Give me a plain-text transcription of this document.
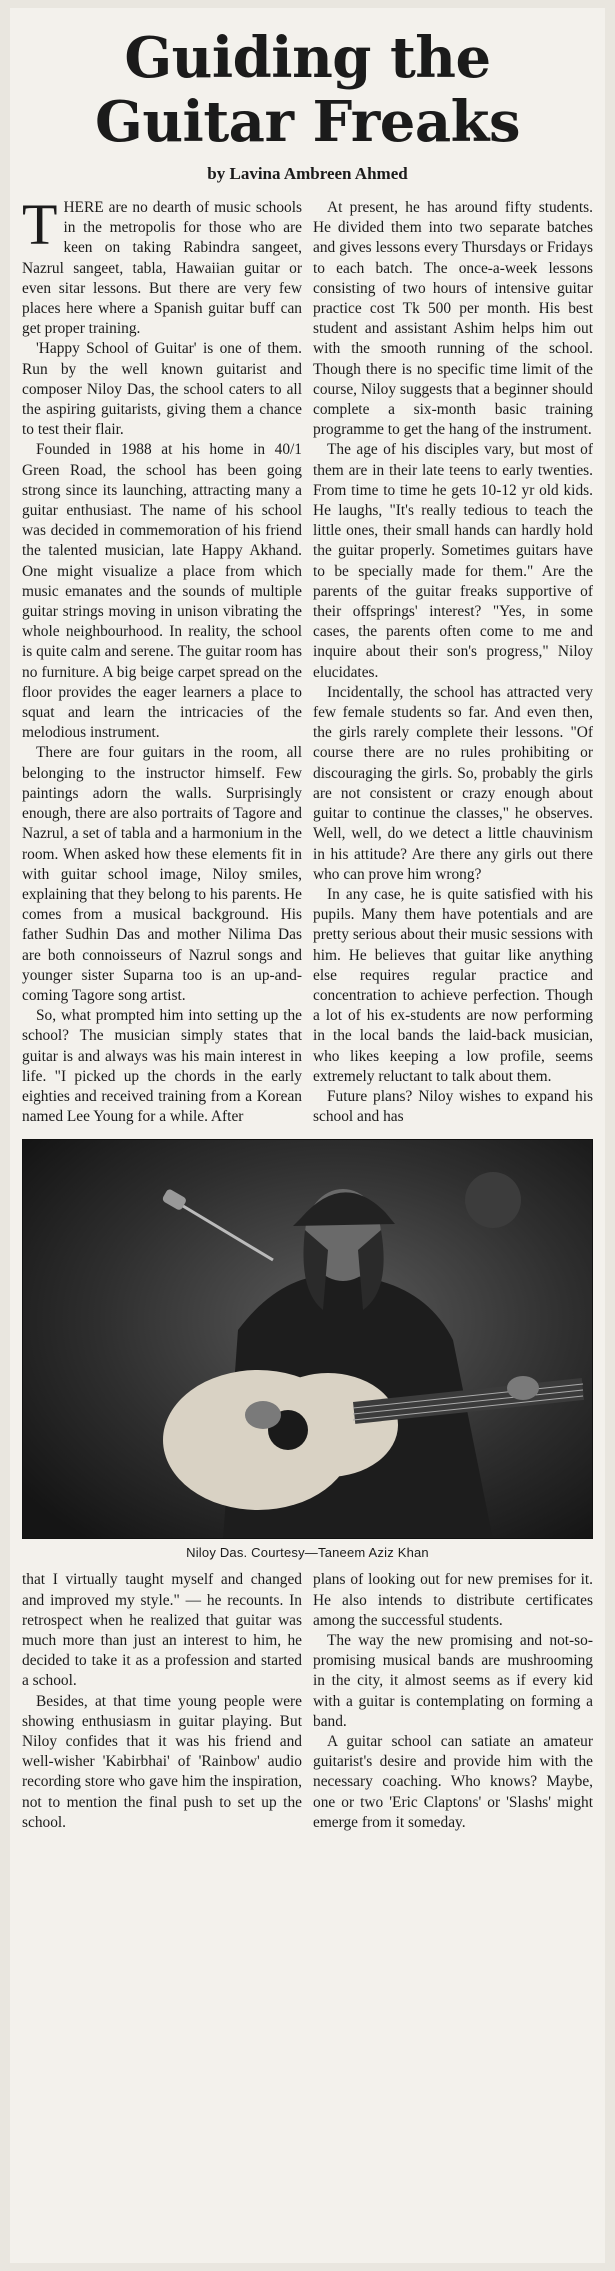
Guiding the
Guitar Freaks
by Lavina Ambreen Ahmed

THERE are no dearth of music schools in the metropolis for those who are keen on taking Rabindra sangeet, Nazrul sangeet, tabla, Hawaiian guitar or even sitar lessons. But there are very few places here where a Spanish guitar buff can get proper training.

'Happy School of Guitar' is one of them. Run by the well known guitarist and composer Niloy Das, the school caters to all the aspiring guitarists, giving them a chance to test their flair.

Founded in 1988 at his home in 40/1 Green Road, the school has been going strong since its launching, attracting many a guitar enthusiast. The name of his school was decided in commemoration of his friend the talented musician, late Happy Akhand. One might visualize a place from which music emanates and the sounds of multiple guitar strings moving in unison vibrating the whole neighbourhood. In reality, the school is quite calm and serene. The guitar room has no furniture. A big beige carpet spread on the floor provides the eager learners a place to squat and learn the intricacies of the melodious instrument.

There are four guitars in the room, all belonging to the instructor himself. Few paintings adorn the walls. Surprisingly enough, there are also portraits of Tagore and Nazrul, a set of tabla and a harmonium in the room. When asked how these elements fit in with guitar school image, Niloy smiles, explaining that they belong to his parents. He comes from a musical background. His father Sudhin Das and mother Nilima Das are both connoisseurs of Nazrul songs and younger sister Suparna too is an up-and-coming Tagore song artist.

So, what prompted him into setting up the school? The musician simply states that guitar is and always was his main interest in life. "I picked up the chords in the early eighties and received training from a Korean named Lee Young for a while. After

At present, he has around fifty students. He divided them into two separate batches and gives lessons every Thursdays or Fridays to each batch. The once-a-week lessons consisting of two hours of intensive guitar practice cost Tk 500 per month. His best student and assistant Ashim helps him out with the smooth running of the school. Though there is no specific time limit of the course, Niloy suggests that a beginner should complete a six-month basic training programme to get the hang of the instrument.

The age of his disciples vary, but most of them are in their late teens to early twenties. From time to time he gets 10-12 yr old kids. He laughs, "It's really tedious to teach the little ones, their small hands can hardly hold the guitar properly. Sometimes guitars have to be specially made for them." Are the parents of the guitar freaks supportive of their offsprings' interest? "Yes, in some cases, the parents often come to me and inquire about their son's progress," Niloy elucidates.

Incidentally, the school has attracted very few female students so far. And even then, the girls rarely complete their lessons. "Of course there are no rules prohibiting or discouraging the girls. So, probably the girls are not consistent or crazy enough about guitar to continue the classes," he observes. Well, well, do we detect a little chauvinism in his attitude? Are there any girls out there who can prove him wrong?

In any case, he is quite satisfied with his pupils. Many them have potentials and are pretty serious about their music sessions with him. He believes that guitar like anything else requires regular practice and concentration to achieve perfection. Though a lot of his ex-students are now performing in the local bands the laid-back musician, who likes keeping a low profile, seems extremely reluctant to talk about them.

Future plans? Niloy wishes to expand his school and has

Niloy Das. Courtesy—Taneem Aziz Khan

that I virtually taught myself and changed and improved my style." — he recounts. In retrospect when he realized that guitar was much more than just an interest to him, he decided to take it as a profession and started a school.

Besides, at that time young people were showing enthusiasm in guitar playing. But Niloy confides that it was his friend and well-wisher 'Kabirbhai' of 'Rainbow' audio recording store who gave him the inspiration, not to mention the final push to set up the school.

plans of looking out for new premises for it. He also intends to distribute certificates among the successful students.

The way the new promising and not-so-promising musical bands are mushrooming in the city, it almost seems as if every kid with a guitar is contemplating on forming a band.

A guitar school can satiate an amateur guitarist's desire and provide him with the necessary coaching. Who knows? Maybe, one or two 'Eric Claptons' or 'Slashs' might emerge from it someday.
